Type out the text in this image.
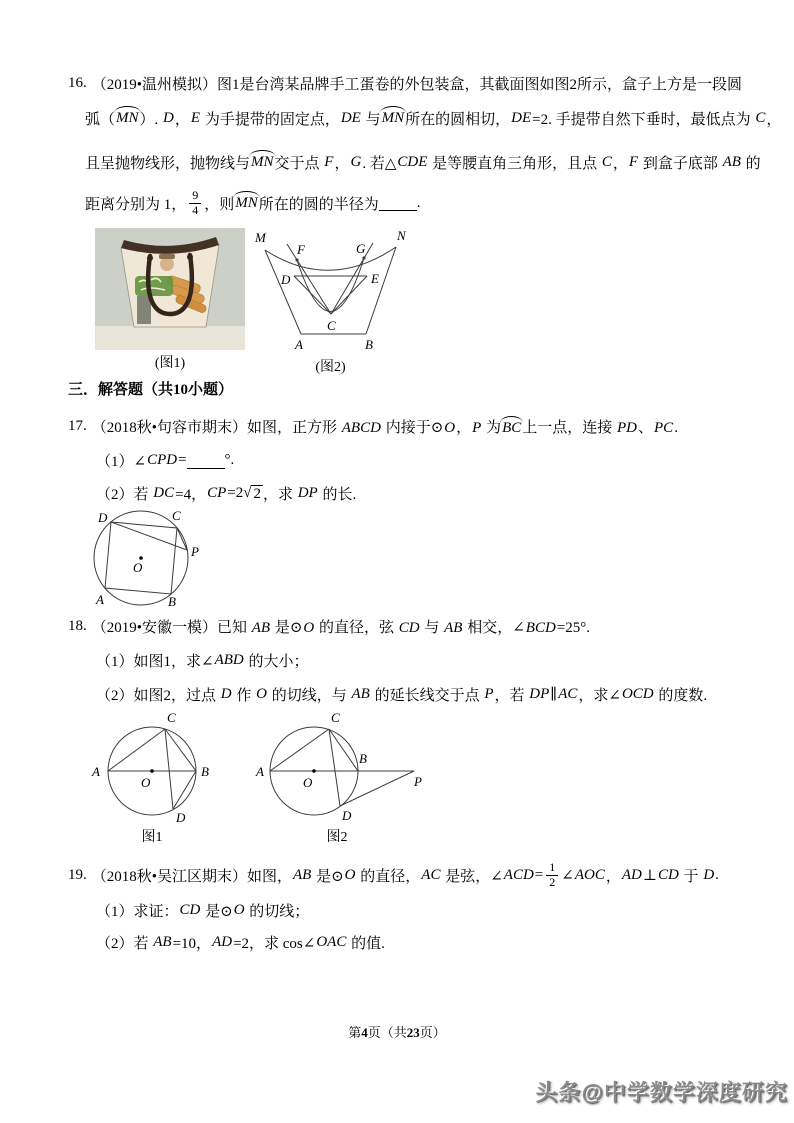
16. （2019•温州模拟）图1是台湾某品牌手工蛋卷的外包装盒，其截面图如图2所示，盒子上方是一段圆
弧（ MN ）. D ， E 为手提带的固定点， DE 与 MN 所在的圆相切， DE =2. 手提带自然下垂时，最低点为 C ，
且呈抛物线形，抛物线与 MN 交于点 F ， G . 若△ CDE 是等腰直角三角形，且点 C ， F 到盒子底部 AB 的
距离分别为 1， $\frac{9}{4}$ ，则 MN 所在的圆的半径为	.
(图1)
M	N
F	G
D	E
C
A	B
(图2)
三．解答题（共10小题）
17. （2018秋•句容市期末）如图，正方形 ABCD 内接于⊙O，P 为BC上一点，连接 PD、PC.
（1）∠ CPD =	°.
（2）若 DC =4， CP =2 √ 2 ，求 DP 的长.
D	C
A	B
P
O
18. （2019•安徽一模）已知 AB 是⊙O 的直径，弦 CD 与 AB 相交，∠BCD=25°.
（1）如图1，求∠ ABD 的大小；
（2）如图2，过点 D 作 O 的切线，与 AB 的延长线交于点 P ，若 DP ∥ AC ，求∠ OCD 的度数.
A	B
C
D
O
图1
A
B
C
D
O	P
图2
19. （2018秋•吴江区期末）如图， AB 是⊙ O 的直径， AC 是弦，∠ ACD = $\frac{1}{2}$ ∠ AOC ， AD ⊥ CD 于 D .
（1）求证： CD 是⊙ O 的切线；
（2）若 AB =10， AD =2，求 cos∠ OAC 的值.
第4页（共23页）
头条@中学数学深度研究
